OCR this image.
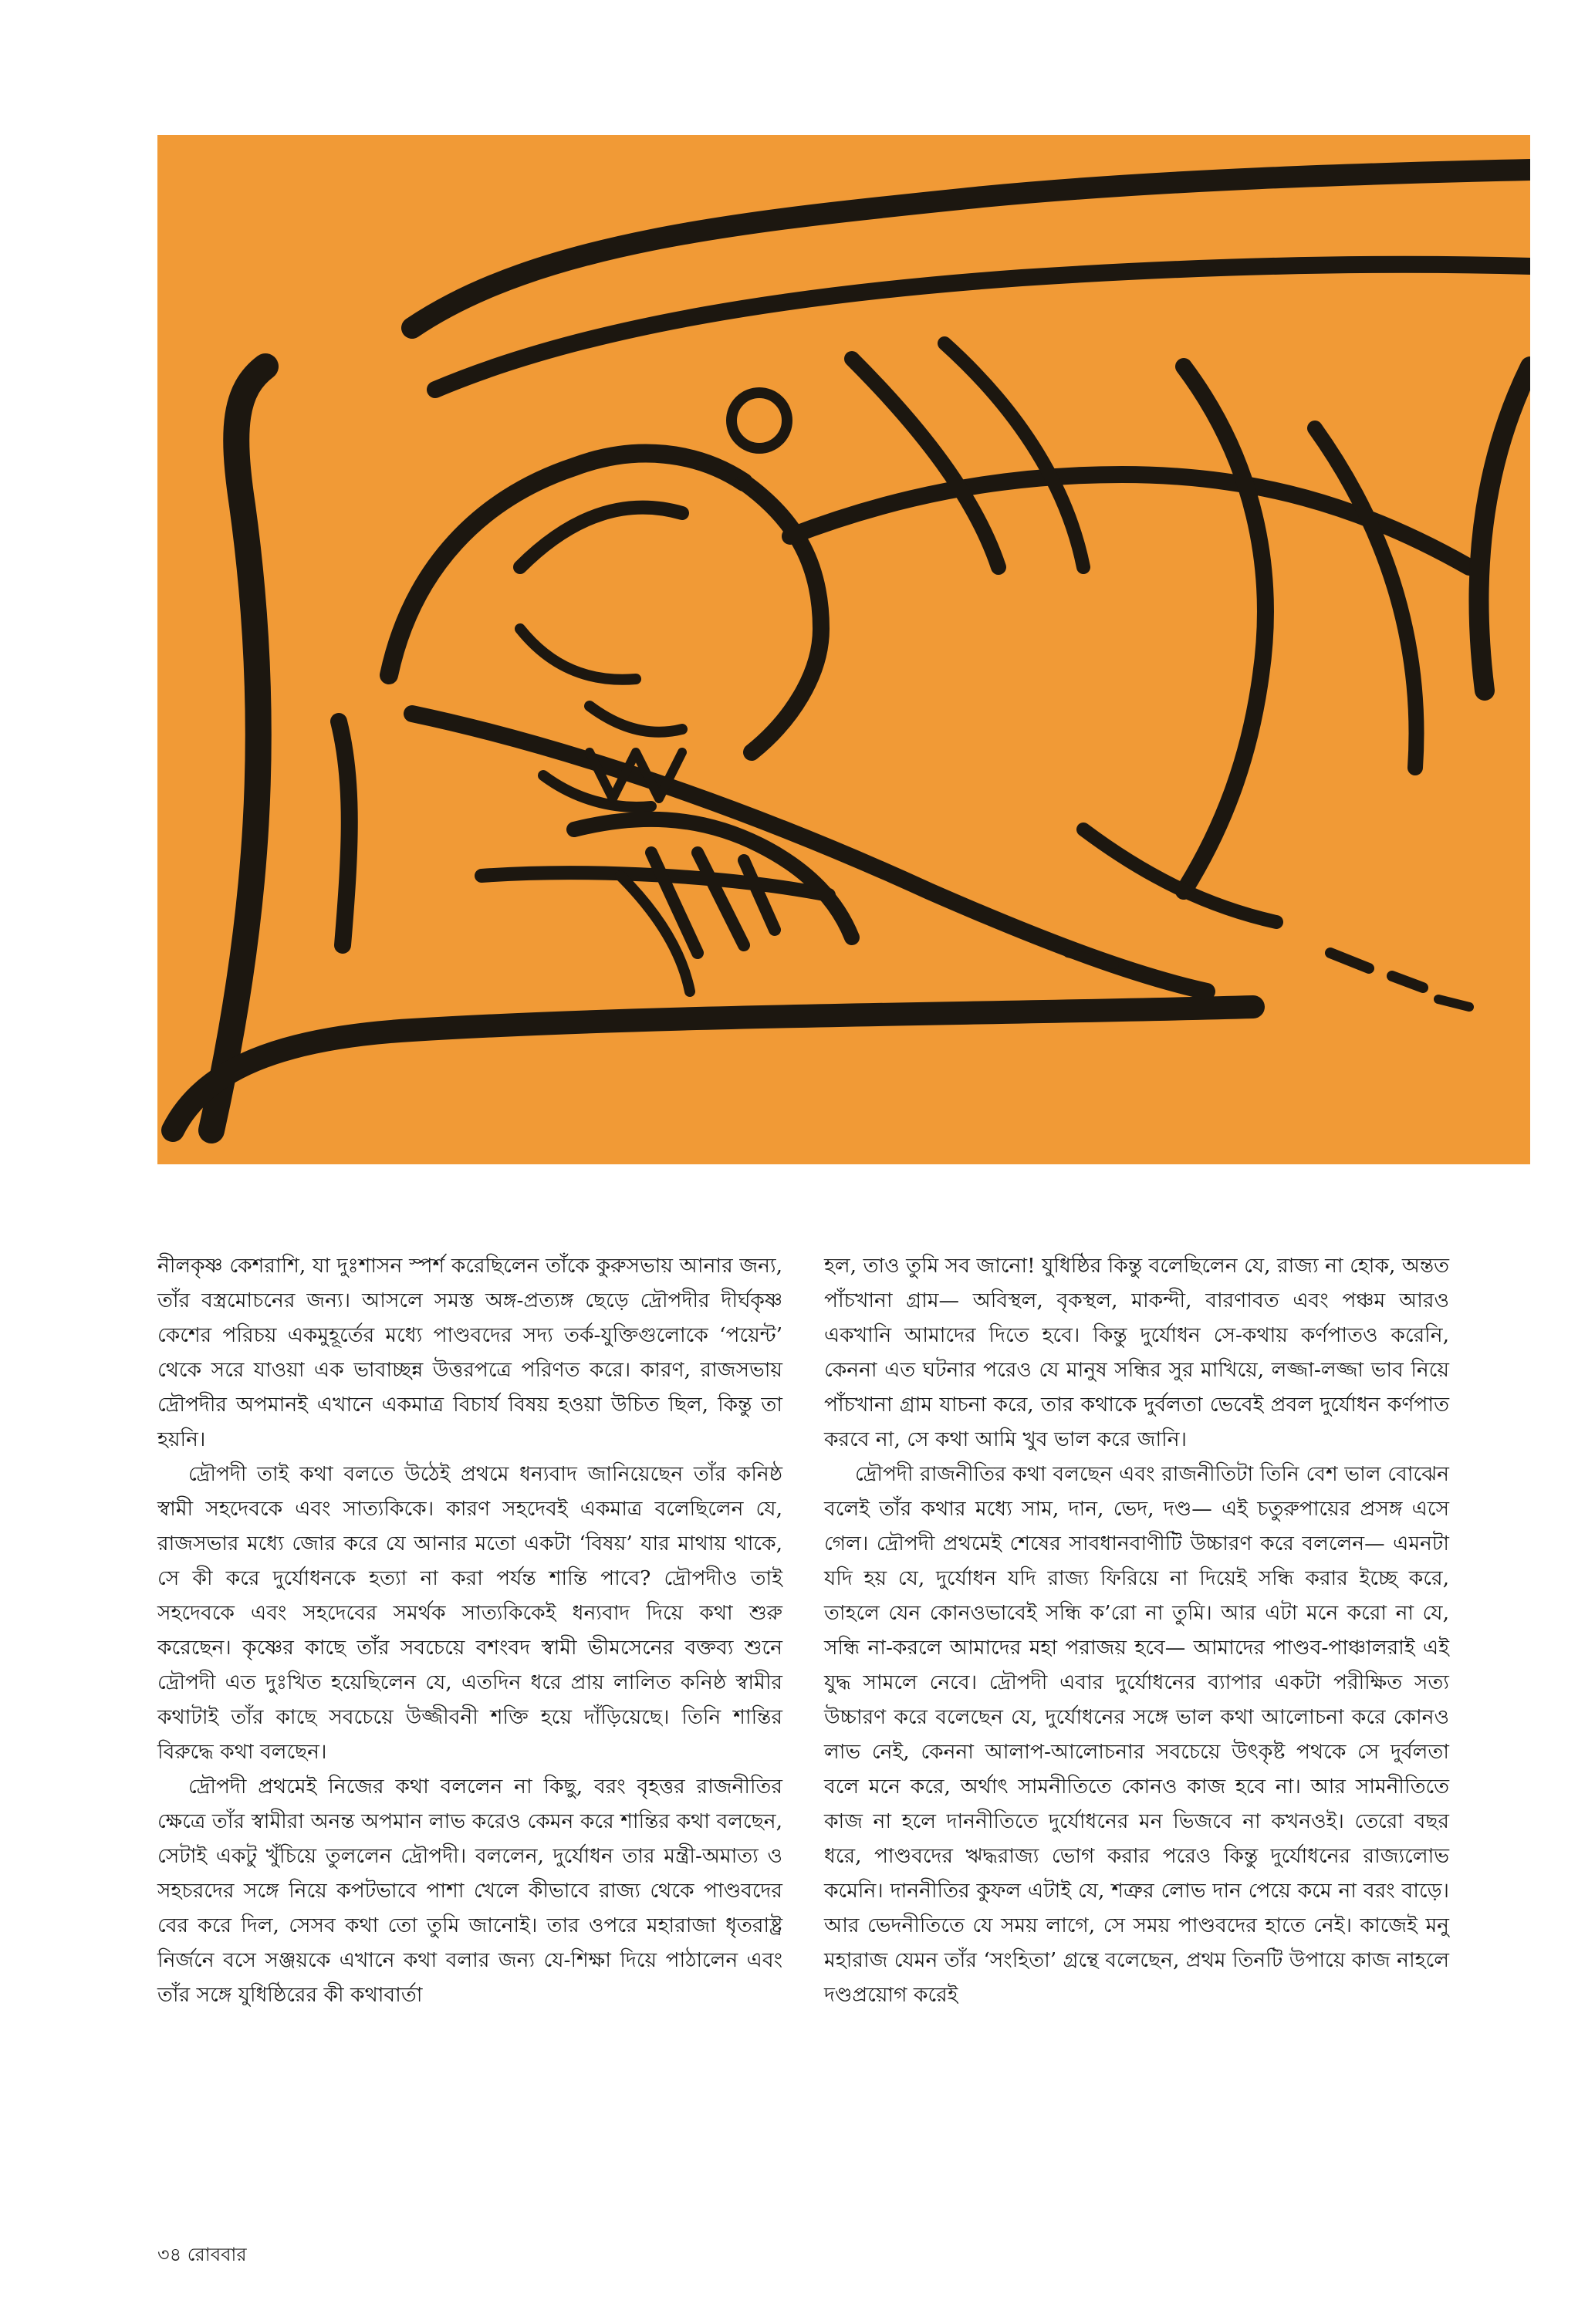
নীলকৃষ্ণ কেশরাশি, যা দুঃশাসন স্পর্শ করেছিলেন তাঁকে কুরুসভায় আনার জন্য, তাঁর বস্ত্রমোচনের জন্য। আসলে সমস্ত অঙ্গ-প্রত্যঙ্গ ছেড়ে দ্রৌপদীর দীর্ঘকৃষ্ণ কেশের পরিচয় একমুহূর্তের মধ্যে পাণ্ডবদের সদ্য তর্ক-যুক্তিগুলোকে ‘পয়েন্ট’ থেকে সরে যাওয়া এক ভাবাচ্ছন্ন উত্তরপত্রে পরিণত করে। কারণ, রাজসভায় দ্রৌপদীর অপমানই এখানে একমাত্র বিচার্য বিষয় হওয়া উচিত ছিল, কিন্তু তা হয়নি।

দ্রৌপদী তাই কথা বলতে উঠেই প্রথমে ধন্যবাদ জানিয়েছেন তাঁর কনিষ্ঠ স্বামী সহদেবকে এবং সাত্যকিকে। কারণ সহদেবই একমাত্র বলেছিলেন যে, রাজসভার মধ্যে জোর করে যে আনার মতো একটা ‘বিষয়’ যার মাথায় থাকে, সে কী করে দুর্যোধনকে হত্যা না করা পর্যন্ত শান্তি পাবে? দ্রৌপদীও তাই সহদেবকে এবং সহদেবের সমর্থক সাত্যকিকেই ধন্যবাদ দিয়ে কথা শুরু করেছেন। কৃষ্ণের কাছে তাঁর সবচেয়ে বশংবদ স্বামী ভীমসেনের বক্তব্য শুনে দ্রৌপদী এত দুঃখিত হয়েছিলেন যে, এতদিন ধরে প্রায় লালিত কনিষ্ঠ স্বামীর কথাটাই তাঁর কাছে সবচেয়ে উজ্জীবনী শক্তি হয়ে দাঁড়িয়েছে। তিনি শান্তির বিরুদ্ধে কথা বলছেন।

দ্রৌপদী প্রথমেই নিজের কথা বললেন না কিছু, বরং বৃহত্তর রাজনীতির ক্ষেত্রে তাঁর স্বামীরা অনন্ত অপমান লাভ করেও কেমন করে শান্তির কথা বলছেন, সেটাই একটু খুঁচিয়ে তুললেন দ্রৌপদী। বললেন, দুর্যোধন তার মন্ত্রী-অমাত্য ও সহচরদের সঙ্গে নিয়ে কপটভাবে পাশা খেলে কীভাবে রাজ্য থেকে পাণ্ডবদের বের করে দিল, সেসব কথা তো তুমি জানোই। তার ওপরে মহারাজা ধৃতরাষ্ট্র নির্জনে বসে সঞ্জয়কে এখানে কথা বলার জন্য যে-শিক্ষা দিয়ে পাঠালেন এবং তাঁর সঙ্গে যুধিষ্ঠিরের কী কথাবার্তা

হল, তাও তুমি সব জানো! যুধিষ্ঠির কিন্তু বলেছিলেন যে, রাজ্য না হোক, অন্তত পাঁচখানা গ্রাম— অবিস্থল, বৃকস্থল, মাকন্দী, বারণাবত এবং পঞ্চম আরও একখানি আমাদের দিতে হবে। কিন্তু দুর্যোধন সে-কথায় কর্ণপাতও করেনি, কেননা এত ঘটনার পরেও যে মানুষ সন্ধির সুর মাখিয়ে, লজ্জা-লজ্জা ভাব নিয়ে পাঁচখানা গ্রাম যাচনা করে, তার কথাকে দুর্বলতা ভেবেই প্রবল দুর্যোধন কর্ণপাত করবে না, সে কথা আমি খুব ভাল করে জানি।

দ্রৌপদী রাজনীতির কথা বলছেন এবং রাজনীতিটা তিনি বেশ ভাল বোঝেন বলেই তাঁর কথার মধ্যে সাম, দান, ভেদ, দণ্ড— এই চতুরুপায়ের প্রসঙ্গ এসে গেল। দ্রৌপদী প্রথমেই শেষের সাবধানবাণীটি উচ্চারণ করে বললেন— এমনটা যদি হয় যে, দুর্যোধন যদি রাজ্য ফিরিয়ে না দিয়েই সন্ধি করার ইচ্ছে করে, তাহলে যেন কোনওভাবেই সন্ধি ক’রো না তুমি। আর এটা মনে করো না যে, সন্ধি না-করলে আমাদের মহা পরাজয় হবে— আমাদের পাণ্ডব-পাঞ্চালরাই এই যুদ্ধ সামলে নেবে। দ্রৌপদী এবার দুর্যোধনের ব্যাপার একটা পরীক্ষিত সত্য উচ্চারণ করে বলেছেন যে, দুর্যোধনের সঙ্গে ভাল কথা আলোচনা করে কোনও লাভ নেই, কেননা আলাপ-আলোচনার সবচেয়ে উৎকৃষ্ট পথকে সে দুর্বলতা বলে মনে করে, অর্থাৎ সামনীতিতে কোনও কাজ হবে না। আর সামনীতিতে কাজ না হলে দাননীতিতে দুর্যোধনের মন ভিজবে না কখনওই। তেরো বছর ধরে, পাণ্ডবদের ঋদ্ধরাজ্য ভোগ করার পরেও কিন্তু দুর্যোধনের রাজ্যলোভ কমেনি। দাননীতির কুফল এটাই যে, শত্রুর লোভ দান পেয়ে কমে না বরং বাড়ে। আর ভেদনীতিতে যে সময় লাগে, সে সময় পাণ্ডবদের হাতে নেই। কাজেই মনু মহারাজ যেমন তাঁর ‘সংহিতা’ গ্রন্থে বলেছেন, প্রথম তিনটি উপায়ে কাজ নাহলে দণ্ডপ্রয়োগ করেই

৩৪ রোববার
